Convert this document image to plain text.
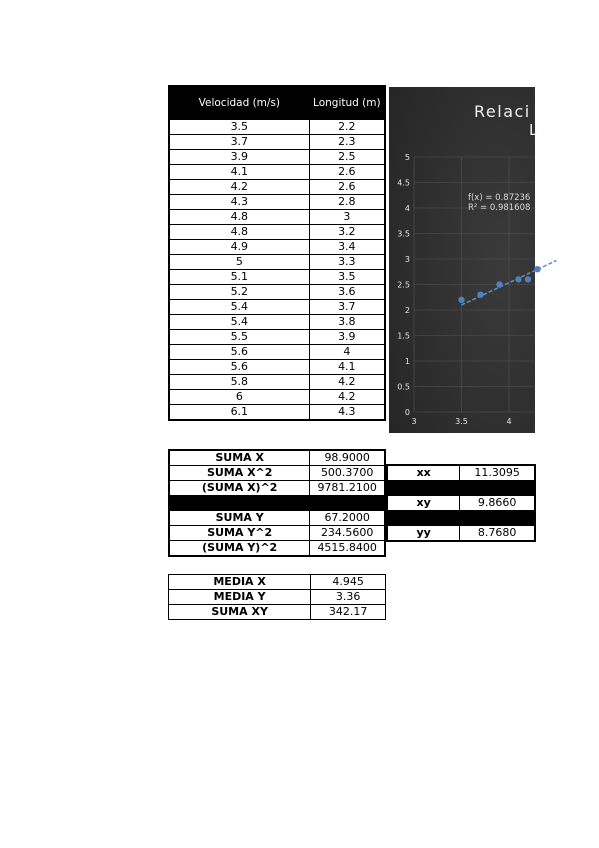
Velocidad (m/s)	Longitud (m)
3.5	2.2
3.7	2.3
3.9	2.5
4.1	2.6
4.2	2.6
4.3	2.8
4.8	3
4.8	3.2
4.9	3.4
5	3.3
5.1	3.5
5.2	3.6
5.4	3.7
5.4	3.8
5.5	3.9
5.6	4
5.6	4.1
5.8	4.2
6	4.2
6.1	4.3
SUMA X	98.9000
SUMA X^2	500.3700
(SUMA X)^2	9781.2100

SUMA Y	67.2000
SUMA Y^2	234.5600
(SUMA Y)^2	4515.8400
xx	11.3095

xy	9.8660

yy	8.7680
MEDIA X	4.945
MEDIA Y	3.36
SUMA XY	342.17
Relaci
L
0
0.5
1
1.5
2
2.5
3
3.5
4
4.5
5
3	3.5	4
f(x) = 0.87236
R² = 0.981608
